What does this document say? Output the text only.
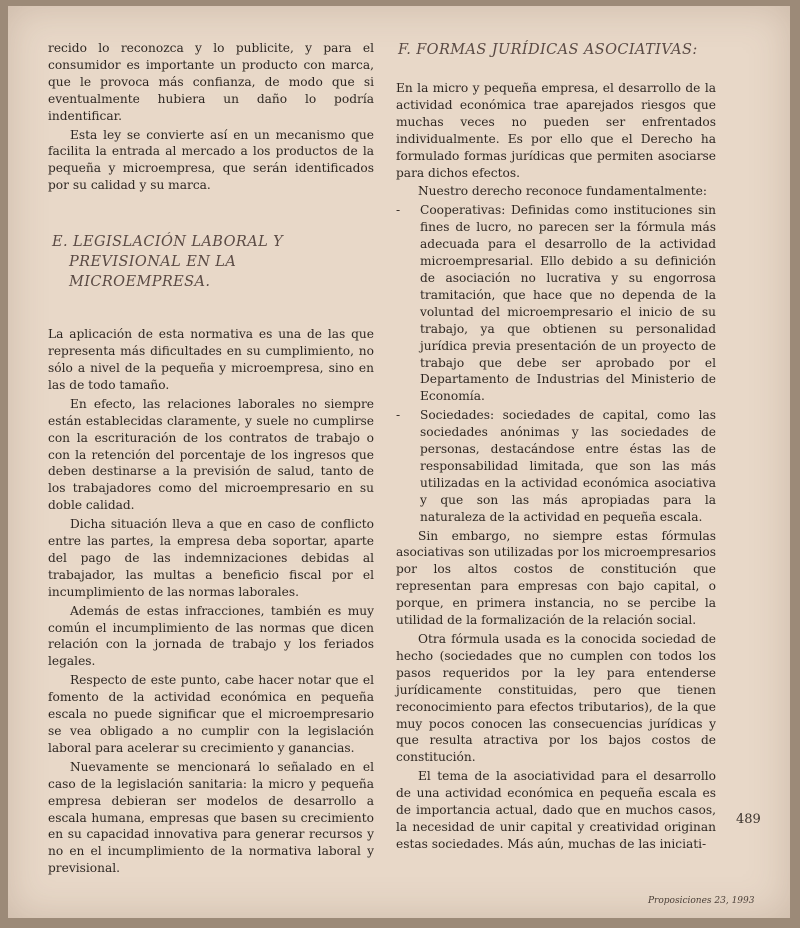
recido lo reconozca y lo publicite, y para el consumidor es importante un producto con marca, que le provoca más confianza, de modo que si eventualmente hubiera un daño lo podría indentificar.

Esta ley se convierte así en un mecanismo que facilita la entrada al mercado a los productos de la pequeña y microempresa, que serán identificados por su calidad y su marca.

E. LEGISLACIÓN LABORAL Y
PREVISIONAL EN LA
MICROEMPRESA.

La aplicación de esta normativa es una de las que representa más dificultades en su cumplimiento, no sólo a nivel de la pequeña y microempresa, sino en las de todo tamaño.

En efecto, las relaciones laborales no siempre están establecidas claramente, y suele no cumplirse con la escrituración de los contratos de trabajo o con la retención del porcentaje de los ingresos que deben destinarse a la previsión de salud, tanto de los trabajadores como del microempresario en su doble calidad.

Dicha situación lleva a que en caso de conflicto entre las partes, la empresa deba soportar, aparte del pago de las indemnizaciones debidas al trabajador, las multas a beneficio fiscal por el incumplimiento de las normas laborales.

Además de estas infracciones, también es muy común el incumplimiento de las normas que dicen relación con la jornada de trabajo y los feriados legales.

Respecto de este punto, cabe hacer notar que el fomento de la actividad económica en pequeña escala no puede significar que el microempresario se vea obligado a no cumplir con la legislación laboral para acelerar su crecimiento y ganancias.

Nuevamente se mencionará lo señalado en el caso de la legislación sanitaria: la micro y pequeña empresa debieran ser modelos de desarrollo a escala humana, empresas que basen su crecimiento en su capacidad innovativa para generar recursos y no en el incumplimiento de la normativa laboral y previsional.

F. FORMAS JURÍDICAS ASOCIATIVAS:

En la micro y pequeña empresa, el desarrollo de la actividad económica trae aparejados riesgos que muchas veces no pueden ser enfrentados individualmente. Es por ello que el Derecho ha formulado formas jurídicas que permiten asociarse para dichos efectos.

Nuestro derecho reconoce fundamentalmente:

- Cooperativas: Definidas como instituciones sin fines de lucro, no parecen ser la fórmula más adecuada para el desarrollo de la actividad microempresarial. Ello debido a su definición de asociación no lucrativa y su engorrosa tramitación, que hace que no dependa de la voluntad del microempresario el inicio de su trabajo, ya que obtienen su personalidad jurídica previa presentación de un proyecto de trabajo que debe ser aprobado por el Departamento de Industrias del Ministerio de Economía.
- Sociedades: sociedades de capital, como las sociedades anónimas y las sociedades de personas, destacándose entre éstas las de responsabilidad limitada, que son las más utilizadas en la actividad económica asociativa y que son las más apropiadas para la naturaleza de la actividad en pequeña escala.

Sin embargo, no siempre estas fórmulas asociativas son utilizadas por los microempresarios por los altos costos de constitución que representan para empresas con bajo capital, o porque, en primera instancia, no se percibe la utilidad de la formalización de la relación social.

Otra fórmula usada es la conocida sociedad de hecho (sociedades que no cumplen con todos los pasos requeridos por la ley para entenderse jurídicamente constituidas, pero que tienen reconocimiento para efectos tributarios), de la que muy pocos conocen las consecuencias jurídicas y que resulta atractiva por los bajos costos de constitución.

El tema de la asociatividad para el desarrollo de una actividad económica en pequeña escala es de importancia actual, dado que en muchos casos, la necesidad de unir capital y creatividad originan estas sociedades. Más aún, muchas de las iniciati-

489
Proposiciones 23, 1993
